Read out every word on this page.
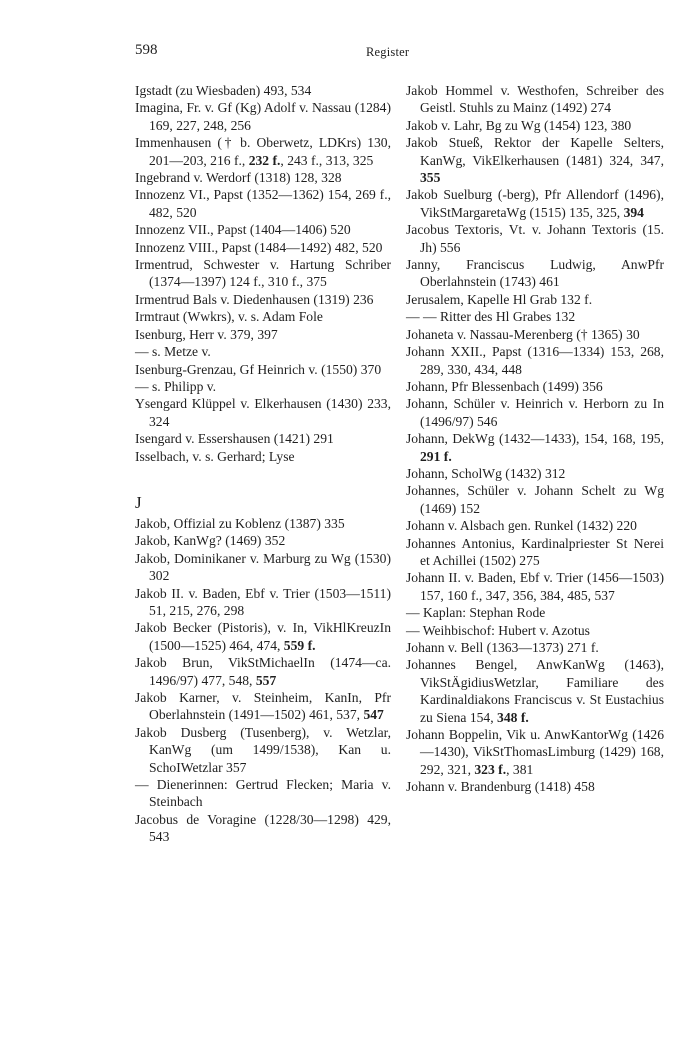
598	Register

Igstadt (zu Wiesbaden) 493, 534

Imagina, Fr. v. Gf (Kg) Adolf v. Nassau (1284) 169, 227, 248, 256

Immenhausen († b. Oberwetz, LDKrs) 130, 201—203, 216 f., 232 f., 243 f., 313, 325

Ingebrand v. Werdorf (1318) 128, 328

Innozenz VI., Papst (1352—1362) 154, 269 f., 482, 520

Innozenz VII., Papst (1404—1406) 520

Innozenz VIII., Papst (1484—1492) 482, 520

Irmentrud, Schwester v. Hartung Schriber (1374—1397) 124 f., 310 f., 375

Irmentrud Bals v. Diedenhausen (1319) 236

Irmtraut (Wwkrs), v. s. Adam Fole

Isenburg, Herr v. 379, 397

— s. Metze v.

Isenburg-Grenzau, Gf Heinrich v. (1550) 370

— s. Philipp v.

Ysengard Klüppel v. Elkerhausen (1430) 233, 324

Isengard v. Essershausen (1421) 291

Isselbach, v. s. Gerhard; Lyse

J

Jakob, Offizial zu Koblenz (1387) 335

Jakob, KanWg? (1469) 352

Jakob, Dominikaner v. Marburg zu Wg (1530) 302

Jakob II. v. Baden, Ebf v. Trier (1503—1511) 51, 215, 276, 298

Jakob Becker (Pistoris), v. In, VikHlKreuzIn (1500—1525) 464, 474, 559 f.

Jakob Brun, VikStMichaelIn (1474—ca. 1496/97) 477, 548, 557

Jakob Karner, v. Steinheim, KanIn, Pfr Oberlahnstein (1491—1502) 461, 537, 547

Jakob Dusberg (Tusenberg), v. Wetzlar, KanWg (um 1499/1538), Kan u. SchoIWetzlar 357

— Dienerinnen: Gertrud Flecken; Maria v. Steinbach

Jacobus de Voragine (1228/30—1298) 429, 543

Jakob Hommel v. Westhofen, Schreiber des Geistl. Stuhls zu Mainz (1492) 274

Jakob v. Lahr, Bg zu Wg (1454) 123, 380

Jakob Stueß, Rektor der Kapelle Selters, KanWg, VikElkerhausen (1481) 324, 347, 355

Jakob Suelburg (-berg), Pfr Allendorf (1496), VikStMargaretaWg (1515) 135, 325, 394

Jacobus Textoris, Vt. v. Johann Textoris (15. Jh) 556

Janny, Franciscus Ludwig, AnwPfr Oberlahnstein (1743) 461

Jerusalem, Kapelle Hl Grab 132 f.

— — Ritter des Hl Grabes 132

Johaneta v. Nassau-Merenberg († 1365) 30

Johann XXII., Papst (1316—1334) 153, 268, 289, 330, 434, 448

Johann, Pfr Blessenbach (1499) 356

Johann, Schüler v. Heinrich v. Herborn zu In (1496/97) 546

Johann, DekWg (1432—1433), 154, 168, 195, 291 f.

Johann, ScholWg (1432) 312

Johannes, Schüler v. Johann Schelt zu Wg (1469) 152

Johann v. Alsbach gen. Runkel (1432) 220

Johannes Antonius, Kardinalpriester St Nerei et Achillei (1502) 275

Johann II. v. Baden, Ebf v. Trier (1456—1503) 157, 160 f., 347, 356, 384, 485, 537

— Kaplan: Stephan Rode

— Weihbischof: Hubert v. Azotus

Johann v. Bell (1363—1373) 271 f.

Johannes Bengel, AnwKanWg (1463), VikStÄgidiusWetzlar, Familiare des Kardinaldiakons Franciscus v. St Eustachius zu Siena 154, 348 f.

Johann Boppelin, Vik u. AnwKantorWg (1426—1430), VikStThomasLimburg (1429) 168, 292, 321, 323 f., 381

Johann v. Brandenburg (1418) 458
